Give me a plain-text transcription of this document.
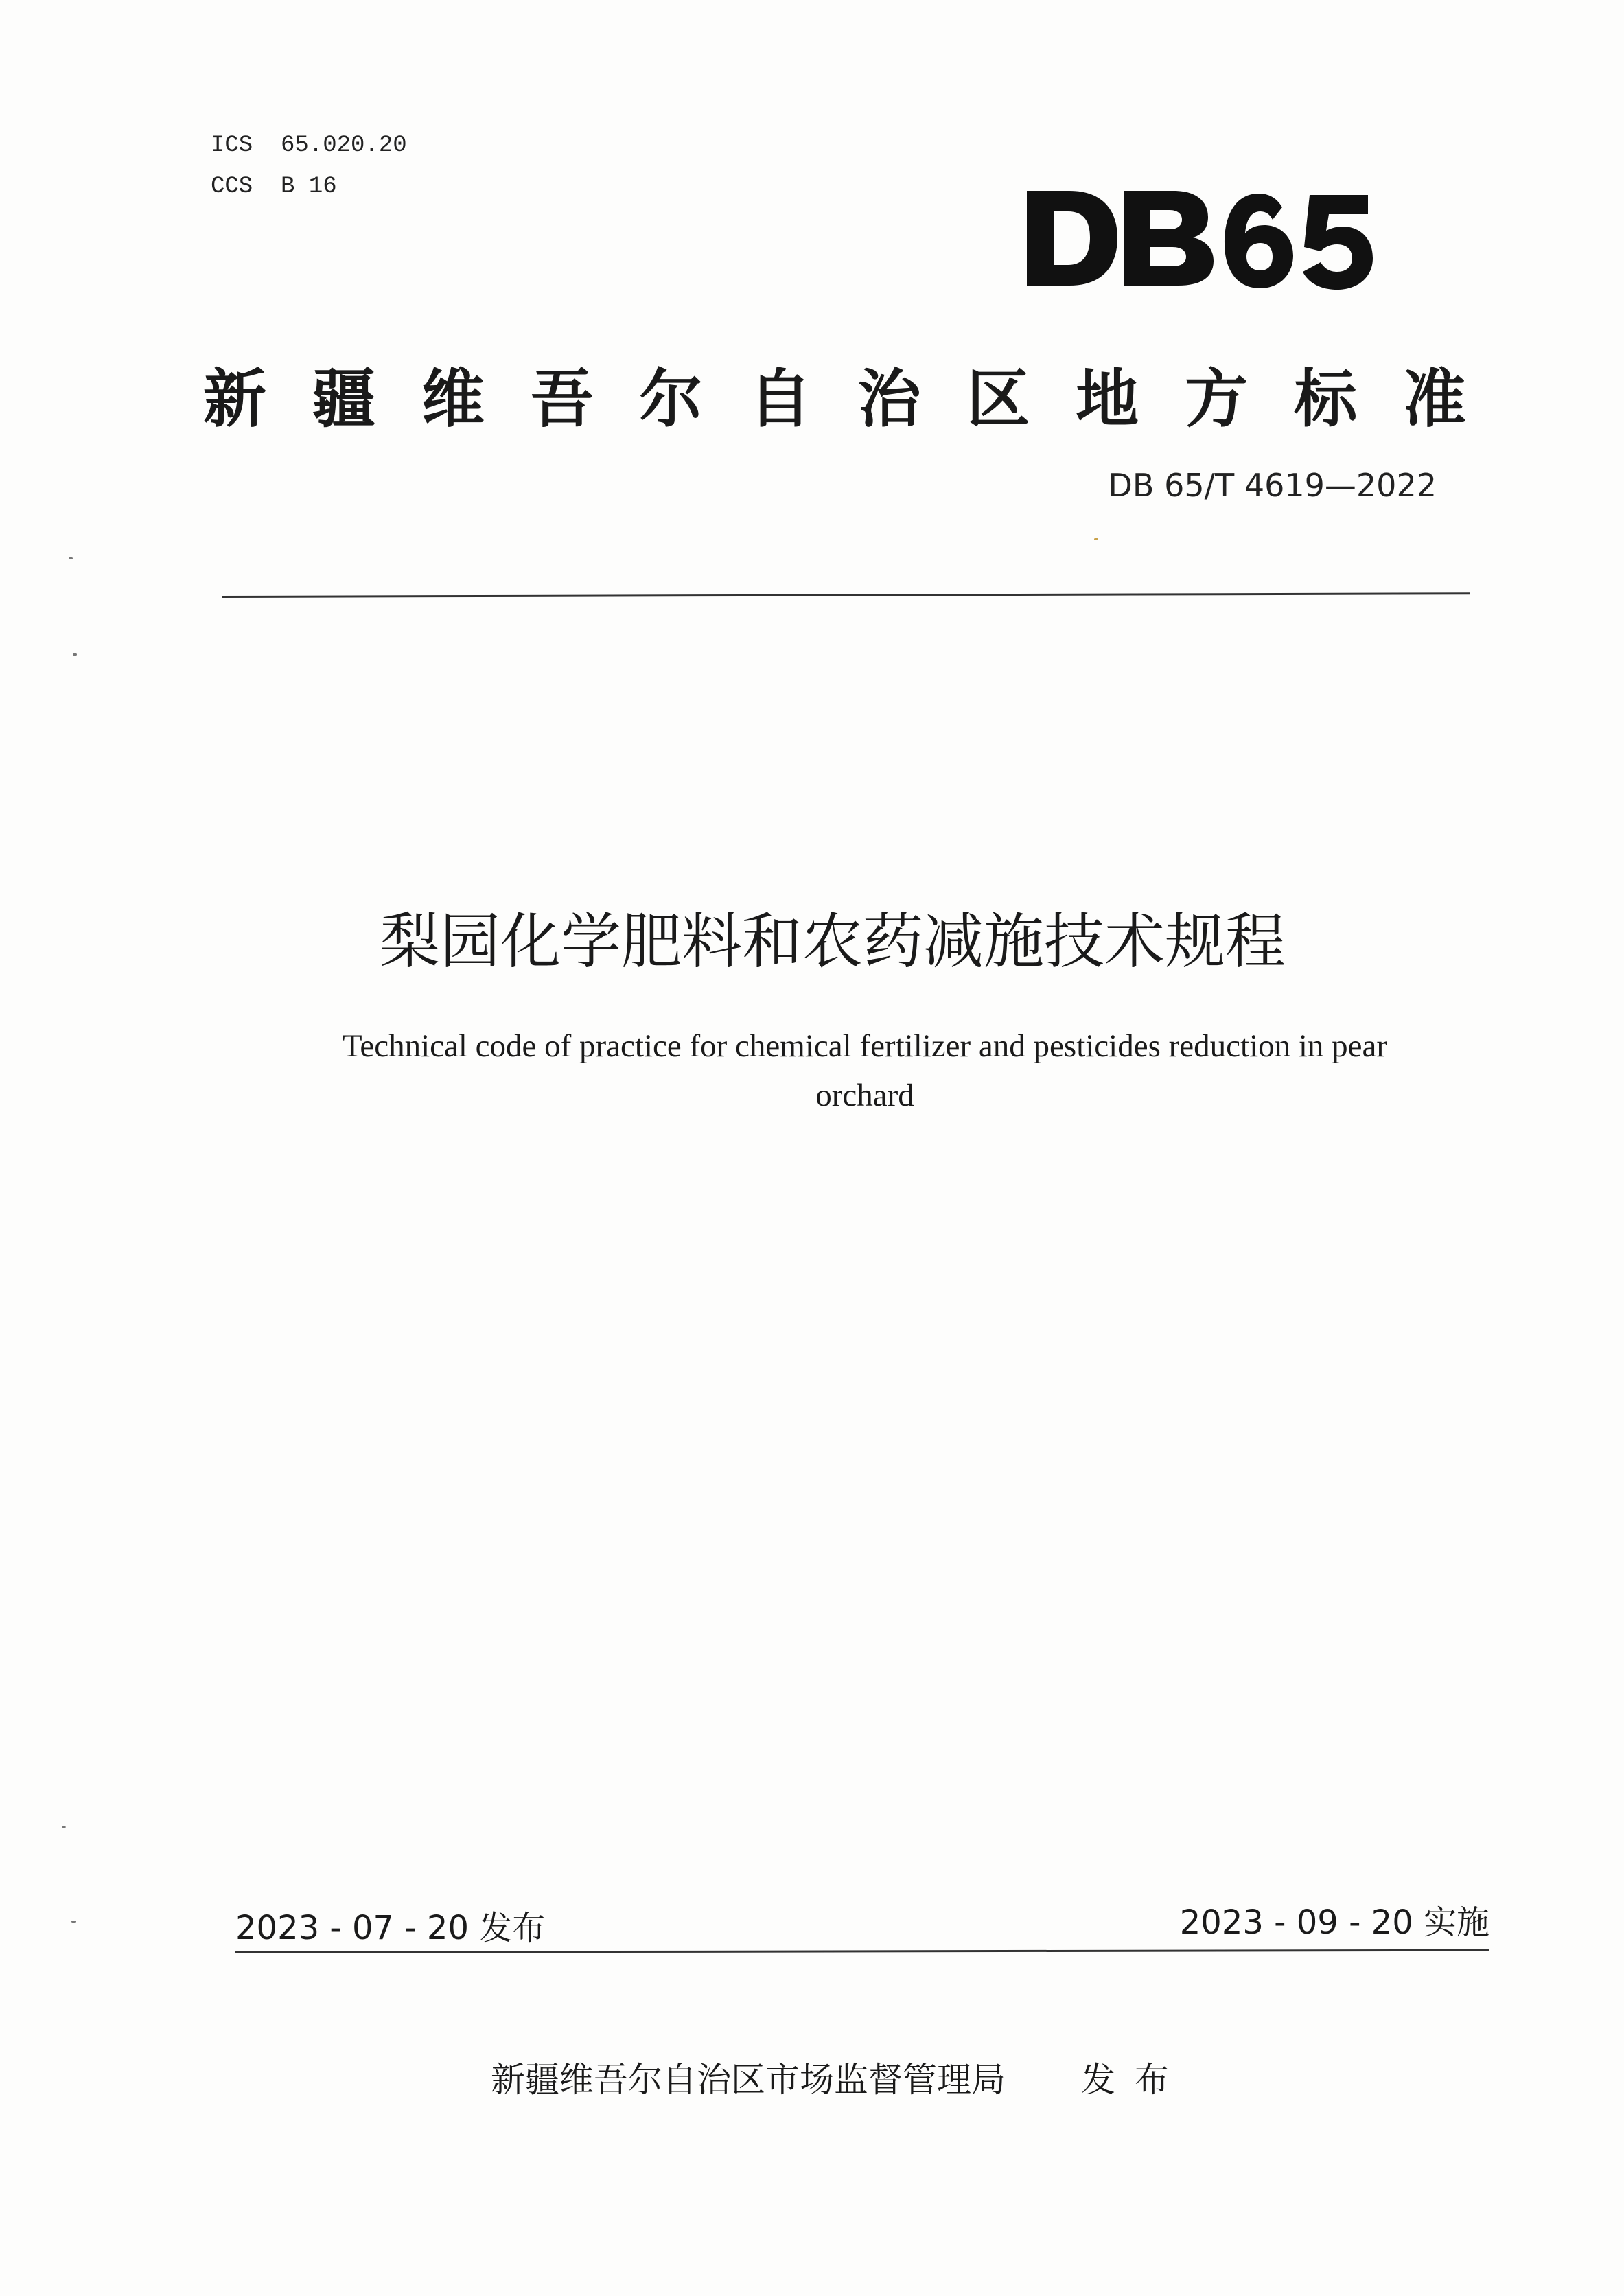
ICS  65.020.20
CCS  B 16
新 疆 维 吾 尔 自 治 区 地 方 标 准
DB 65/T 4619—2022
梨园化学肥料和农药减施技术规程
Technical code of practice for chemical fertilizer and pesticides reduction in pear
orchard
2023 - 07 - 20 发布	2023 - 09 - 20 实施
新疆维吾尔自治区市场监督管理局 发布
